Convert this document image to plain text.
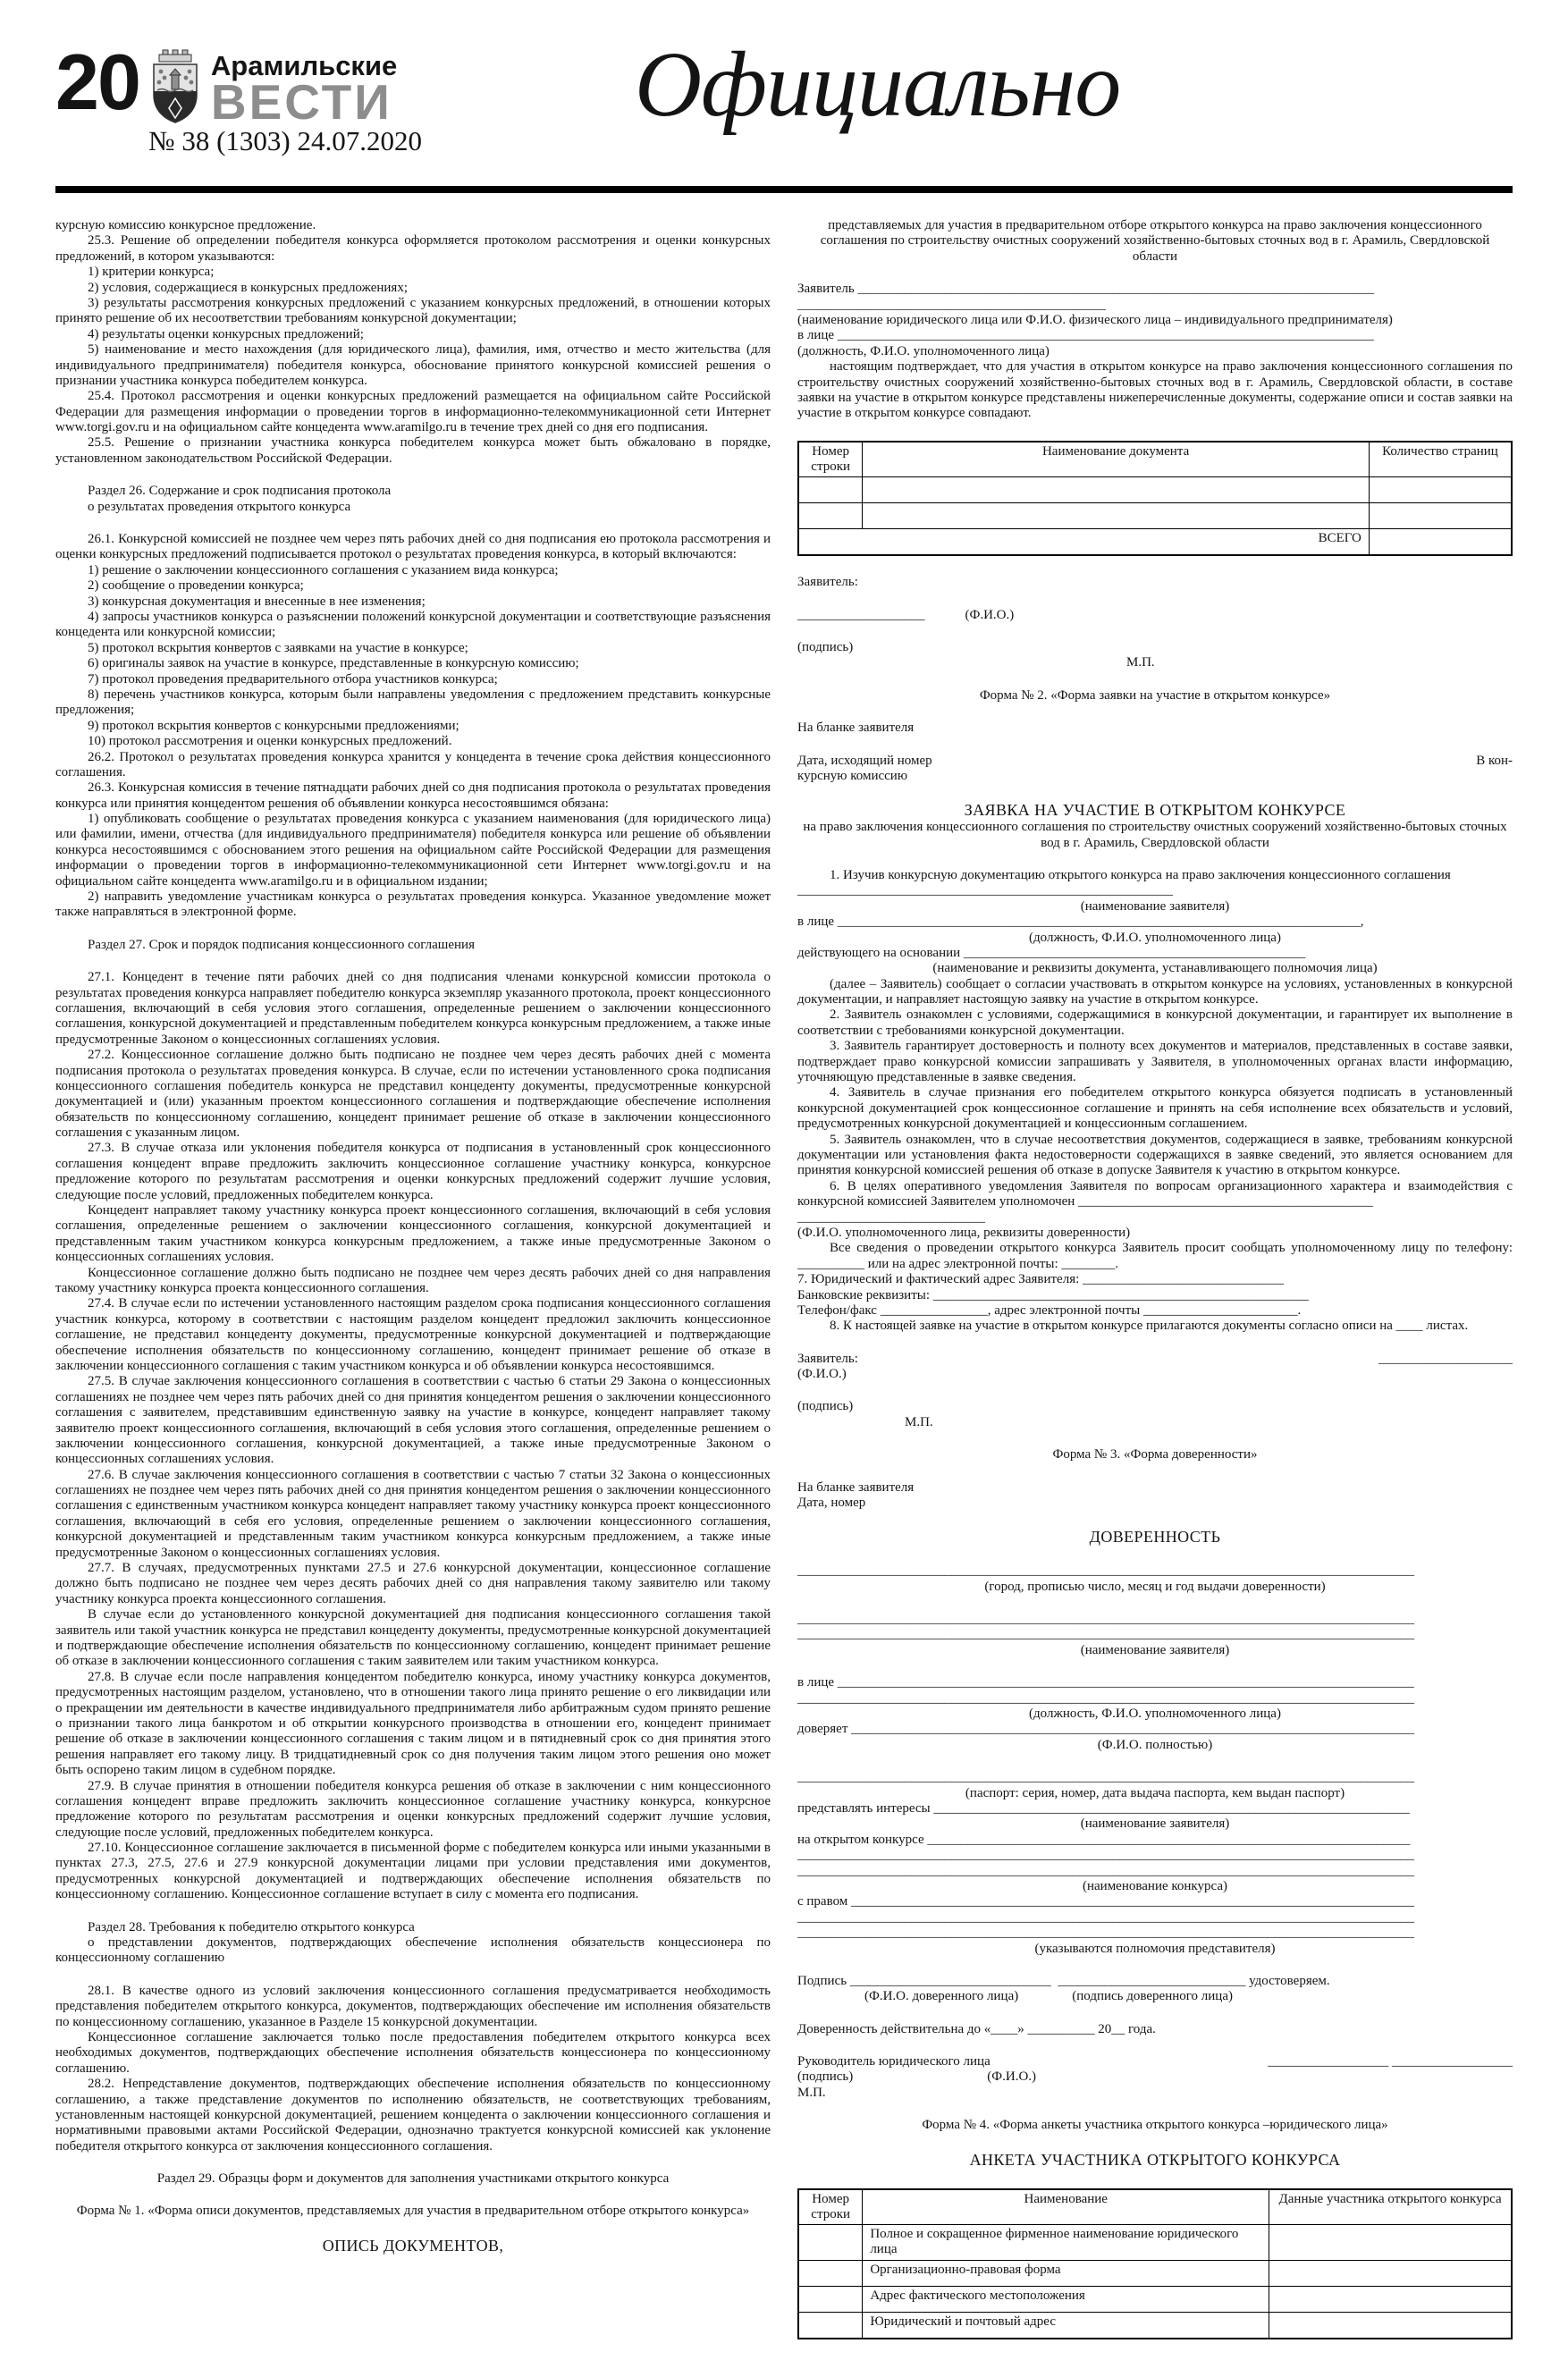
20	Арамильские
ВЕСТИ
№ 38 (1303) 24.07.2020
Официально

курсную комиссию конкурсное предложение.

25.3. Решение об определении победителя конкурса оформляется протоколом рассмотрения и оценки конкурсных предложений, в котором указываются:

1) критерии конкурса;

2) условия, содержащиеся в конкурсных предложениях;

3) результаты рассмотрения конкурсных предложений с указанием конкурсных предложений, в отношении которых принято решение об их несоответствии требованиям конкурсной документации;

4) результаты оценки конкурсных предложений;

5) наименование и место нахождения (для юридического лица), фамилия, имя, отчество и место жительства (для индивидуального предпринимателя) победителя конкурса, обоснование принятого конкурсной комиссией решения о признании участника конкурса победителем конкурса.

25.4. Протокол рассмотрения и оценки конкурсных предложений размещается на официальном сайте Российской Федерации для размещения информации о проведении торгов в информационно-телекоммуникационной сети Интернет www.torgi.gov.ru и на официальном сайте концедента www.aramilgo.ru в течение трех дней со дня его подписания.

25.5. Решение о признании участника конкурса победителем конкурса может быть обжаловано в порядке, установленном законодательством Российской Федерации.

Раздел 26. Содержание и срок подписания протокола

о результатах проведения открытого конкурса

26.1. Конкурсной комиссией не позднее чем через пять рабочих дней со дня подписания ею протокола рассмотрения и оценки конкурсных предложений подписывается протокол о результатах проведения конкурса, в который включаются:

1) решение о заключении концессионного соглашения с указанием вида конкурса;

2) сообщение о проведении конкурса;

3) конкурсная документация и внесенные в нее изменения;

4) запросы участников конкурса о разъяснении положений конкурсной документации и соответствующие разъяснения концедента или конкурсной комиссии;

5) протокол вскрытия конвертов с заявками на участие в конкурсе;

6) оригиналы заявок на участие в конкурсе, представленные в конкурсную комиссию;

7) протокол проведения предварительного отбора участников конкурса;

8) перечень участников конкурса, которым были направлены уведомления с предложением представить конкурсные предложения;

9) протокол вскрытия конвертов с конкурсными предложениями;

10) протокол рассмотрения и оценки конкурсных предложений.

26.2. Протокол о результатах проведения конкурса хранится у концедента в течение срока действия концессионного соглашения.

26.3. Конкурсная комиссия в течение пятнадцати рабочих дней со дня подписания протокола о результатах проведения конкурса или принятия концедентом решения об объявлении конкурса несостоявшимся обязана:

1) опубликовать сообщение о результатах проведения конкурса с указанием наименования (для юридического лица) или фамилии, имени, отчества (для индивидуального предпринимателя) победителя конкурса или решение об объявлении конкурса несостоявшимся с обоснованием этого решения на официальном сайте Российской Федерации для размещения информации о проведении торгов в информационно-телекоммуникационной сети Интернет www.torgi.gov.ru и на официальном сайте концедента www.aramilgo.ru и в официальном издании;

2) направить уведомление участникам конкурса о результатах проведения конкурса. Указанное уведомление может также направляться в электронной форме.

Раздел 27. Срок и порядок подписания концессионного соглашения

27.1. Концедент в течение пяти рабочих дней со дня подписания членами конкурсной комиссии протокола о результатах проведения конкурса направляет победителю конкурса экземпляр указанного протокола, проект концессионного соглашения, включающий в себя условия этого соглашения, определенные решением о заключении концессионного соглашения, конкурсной документацией и представленным победителем конкурса конкурсным предложением, а также иные предусмотренные Законом о концессионных соглашениях условия.

27.2. Концессионное соглашение должно быть подписано не позднее чем через десять рабочих дней с момента подписания протокола о результатах проведения конкурса. В случае, если по истечении установленного срока подписания концессионного соглашения победитель конкурса не представил концеденту документы, предусмотренные конкурсной документацией и (или) указанным проектом концессионного соглашения и подтверждающие обеспечение исполнения обязательств по концессионному соглашению, концедент принимает решение об отказе в заключении концессионного соглашения с указанным лицом.

27.3. В случае отказа или уклонения победителя конкурса от подписания в установленный срок концессионного соглашения концедент вправе предложить заключить концессионное соглашение участнику конкурса, конкурсное предложение которого по результатам рассмотрения и оценки конкурсных предложений содержит лучшие условия, следующие после условий, предложенных победителем конкурса.

Концедент направляет такому участнику конкурса проект концессионного соглашения, включающий в себя условия соглашения, определенные решением о заключении концессионного соглашения, конкурсной документацией и представленным таким участником конкурса конкурсным предложением, а также иные предусмотренные Законом о концессионных соглашениях условия.

Концессионное соглашение должно быть подписано не позднее чем через десять рабочих дней со дня направления такому участнику конкурса проекта концессионного соглашения.

27.4. В случае если по истечении установленного настоящим разделом срока подписания концессионного соглашения участник конкурса, которому в соответствии с настоящим разделом концедент предложил заключить концессионное соглашение, не представил концеденту документы, предусмотренные конкурсной документацией и подтверждающие обеспечение исполнения обязательств по концессионному соглашению, концедент принимает решение об отказе в заключении концессионного соглашения с таким участником конкурса и об объявлении конкурса несостоявшимся.

27.5. В случае заключения концессионного соглашения в соответствии с частью 6 статьи 29 Закона о концессионных соглашениях не позднее чем через пять рабочих дней со дня принятия концедентом решения о заключении концессионного соглашения с заявителем, представившим единственную заявку на участие в конкурсе, концедент направляет такому заявителю проект концессионного соглашения, включающий в себя условия этого соглашения, определенные решением о заключении концессионного соглашения, конкурсной документацией, а также иные предусмотренные Законом о концессионных соглашениях условия.

27.6. В случае заключения концессионного соглашения в соответствии с частью 7 статьи 32 Закона о концессионных соглашениях не позднее чем через пять рабочих дней со дня принятия концедентом решения о заключении концессионного соглашения с единственным участником конкурса концедент направляет такому участнику конкурса проект концессионного соглашения, включающий в себя его условия, определенные решением о заключении концессионного соглашения, конкурсной документацией и представленным таким участником конкурса конкурсным предложением, а также иные предусмотренные Законом о концессионных соглашениях условия.

27.7. В случаях, предусмотренных пунктами 27.5 и 27.6 конкурсной документации, концессионное соглашение должно быть подписано не позднее чем через десять рабочих дней со дня направления такому заявителю или такому участнику конкурса проекта концессионного соглашения.

В случае если до установленного конкурсной документацией дня подписания концессионного соглашения такой заявитель или такой участник конкурса не представил концеденту документы, предусмотренные конкурсной документацией и подтверждающие обеспечение исполнения обязательств по концессионному соглашению, концедент принимает решение об отказе в заключении концессионного соглашения с таким заявителем или таким участником конкурса.

27.8. В случае если после направления концедентом победителю конкурса, иному участнику конкурса документов, предусмотренных настоящим разделом, установлено, что в отношении такого лица принято решение о его ликвидации или о прекращении им деятельности в качестве индивидуального предпринимателя либо арбитражным судом принято решение о признании такого лица банкротом и об открытии конкурсного производства в отношении его, концедент принимает решение об отказе в заключении концессионного соглашения с таким лицом и в пятидневный срок со дня принятия этого решения направляет его такому лицу. В тридцатидневный срок со дня получения таким лицом этого решения оно может быть оспорено таким лицом в судебном порядке.

27.9. В случае принятия в отношении победителя конкурса решения об отказе в заключении с ним концессионного соглашения концедент вправе предложить заключить концессионное соглашение участнику конкурса, конкурсное предложение которого по результатам рассмотрения и оценки конкурсных предложений содержит лучшие условия, следующие после условий, предложенных победителем конкурса.

27.10. Концессионное соглашение заключается в письменной форме с победителем конкурса или иными указанными в пунктах 27.3, 27.5, 27.6 и 27.9 конкурсной документации лицами при условии представления ими документов, предусмотренных конкурсной документацией и подтверждающих обеспечение исполнения обязательств по концессионному соглашению. Концессионное соглашение вступает в силу с момента его подписания.

Раздел 28. Требования к победителю открытого конкурса

о представлении документов, подтверждающих обеспечение исполнения обязательств концессионера по концессионному соглашению

28.1. В качестве одного из условий заключения концессионного соглашения предусматривается необходимость представления победителем открытого конкурса, документов, подтверждающих обеспечение им исполнения обязательств по концессионному соглашению, указанное в Разделе 15 конкурсной документации.

Концессионное соглашение заключается только после предоставления победителем открытого конкурса всех необходимых документов, подтверждающих обеспечение исполнения обязательств концессионера по концессионному соглашению.

28.2. Непредставление документов, подтверждающих обеспечение исполнения обязательств по концессионному соглашению, а также представление документов по исполнению обязательств, не соответствующих требованиям, установленным настоящей конкурсной документацией, решением концедента о заключении концессионного соглашения и нормативными правовыми актами Российской Федерации, однозначно трактуется конкурсной комиссией как уклонение победителя открытого конкурса от заключения концессионного соглашения.

Раздел 29. Образцы форм и документов для заполнения участниками открытого конкурса

Форма № 1. «Форма описи документов, представляемых для участия в предварительном отборе открытого конкурса»

ОПИСЬ ДОКУМЕНТОВ,

представляемых для участия в предварительном отборе открытого конкурса на право заключения концессионного соглашения по строительству очистных сооружений хозяйственно-бытовых сточных вод в г. Арамиль, Свердловской области

Заявитель _____________________________________________________________________________

______________________________________________

(наименование юридического лица или Ф.И.О. физического лица – индивидуального предпринимателя)

в лице ________________________________________________________________________________

(должность, Ф.И.О. уполномоченного лица)

настоящим подтверждает, что для участия в открытом конкурсе на право заключения концессионного соглашения по строительству очистных сооружений хозяйственно-бытовых сточных вод в г. Арамиль, Свердловской области, в составе заявки на участие в открытом конкурсе представлены нижеперечисленные документы, содержание описи и состав заявки на участие в открытом конкурсе совпадают.

Номер строки	Наименование документа	Количество страниц

ВСЕГО		

Заявитель:

___________________            (Ф.И.О.)

(подпись)

М.П.

Форма № 2. «Форма заявки на участие в открытом конкурсе»

На бланке заявителя

Дата, исходящий номер	В кон-

курсную комиссию

ЗАЯВКА НА УЧАСТИЕ В ОТКРЫТОМ КОНКУРСЕ

на право заключения концессионного соглашения по строительству очистных сооружений хозяйственно-бытовых сточных вод в г. Арамиль, Свердловской области

1. Изучив конкурсную документацию открытого конкурса на право заключения концессионного соглашения

________________________________________________________

(наименование заявителя)

в лице ______________________________________________________________________________,

(должность, Ф.И.О. уполномоченного лица)

действующего на основании ___________________________________________________

(наименование и реквизиты документа, устанавливающего полномочия лица)

(далее – Заявитель) сообщает о согласии участвовать в открытом конкурсе на условиях, установленных в конкурсной документации, и направляет настоящую заявку на участие в открытом конкурсе.

2. Заявитель ознакомлен с условиями, содержащимися в конкурсной документации, и гарантирует их выполнение в соответствии с требованиями конкурсной документации.

3. Заявитель гарантирует достоверность и полноту всех документов и материалов, представленных в составе заявки, подтверждает право конкурсной комиссии запрашивать у Заявителя, в уполномоченных органах власти информацию, уточняющую представленные в заявке сведения.

4. Заявитель в случае признания его победителем открытого конкурса обязуется подписать в установленный конкурсной документацией срок концессионное соглашение и принять на себя исполнение всех обязательств и условий, предусмотренных конкурсной документацией и концессионным соглашением.

5. Заявитель ознакомлен, что в случае несоответствия документов, содержащиеся в заявке, требованиям конкурсной документации или установления факта недостоверности содержащихся в заявке сведений, это является основанием для принятия конкурсной комиссией решения об отказе в допуске Заявителя к участию в открытом конкурсе.

6. В целях оперативного уведомления Заявителя по вопросам организационного характера и взаимодействия с конкурсной комиссией Заявителем уполномочен ____________________________________________

____________________________

(Ф.И.О. уполномоченного лица, реквизиты доверенности)

Все сведения о проведении открытого конкурса Заявитель просит сообщать уполномоченному лицу по телефону: __________ или на адрес электронной почты: ________.

7. Юридический и фактический адрес Заявителя: ______________________________

Банковские реквизиты: ________________________________________________________

Телефон/факс ________________, адрес электронной почты _______________________.

8. К настоящей заявке на участие в открытом конкурсе прилагаются документы согласно описи на ____ листах.

Заявитель:	____________________

(Ф.И.О.)

(подпись)

М.П.

Форма № 3. «Форма доверенности»

На бланке заявителя

Дата, номер

ДОВЕРЕННОСТЬ

____________________________________________________________________________________________

(город, прописью число, месяц и год выдачи доверенности)

____________________________________________________________________________________________

____________________________________________________________________________________________

(наименование заявителя)

в лице ______________________________________________________________________________________

____________________________________________________________________________________________

(должность, Ф.И.О. уполномоченного лица)

доверяет ____________________________________________________________________________________

(Ф.И.О. полностью)

____________________________________________________________________________________________

(паспорт: серия, номер, дата выдача паспорта, кем выдан паспорт)

представлять интересы _______________________________________________________________________

(наименование заявителя)

на открытом конкурсе ________________________________________________________________________

____________________________________________________________________________________________

____________________________________________________________________________________________

(наименование конкурса)

с правом ____________________________________________________________________________________

____________________________________________________________________________________________

____________________________________________________________________________________________

(указываются полномочия представителя)

Подпись ______________________________  ____________________________ удостоверяем.

(Ф.И.О. доверенного лица)                (подпись доверенного лица)

Доверенность действительна до «____» __________ 20__ года.

Руководитель юридического лица	__________________ __________________

(подпись)                                        (Ф.И.О.)

М.П.

Форма № 4. «Форма анкеты участника открытого конкурса –юридического лица»

АНКЕТА УЧАСТНИКА ОТКРЫТОГО КОНКУРСА

Номер строки	Наименование	Данные участника открытого конкурса
	Полное и сокращенное фирменное наименование юридического лица	
	Организационно-правовая форма	
	Адрес фактического местоположения	
	Юридический и почтовый адрес	
